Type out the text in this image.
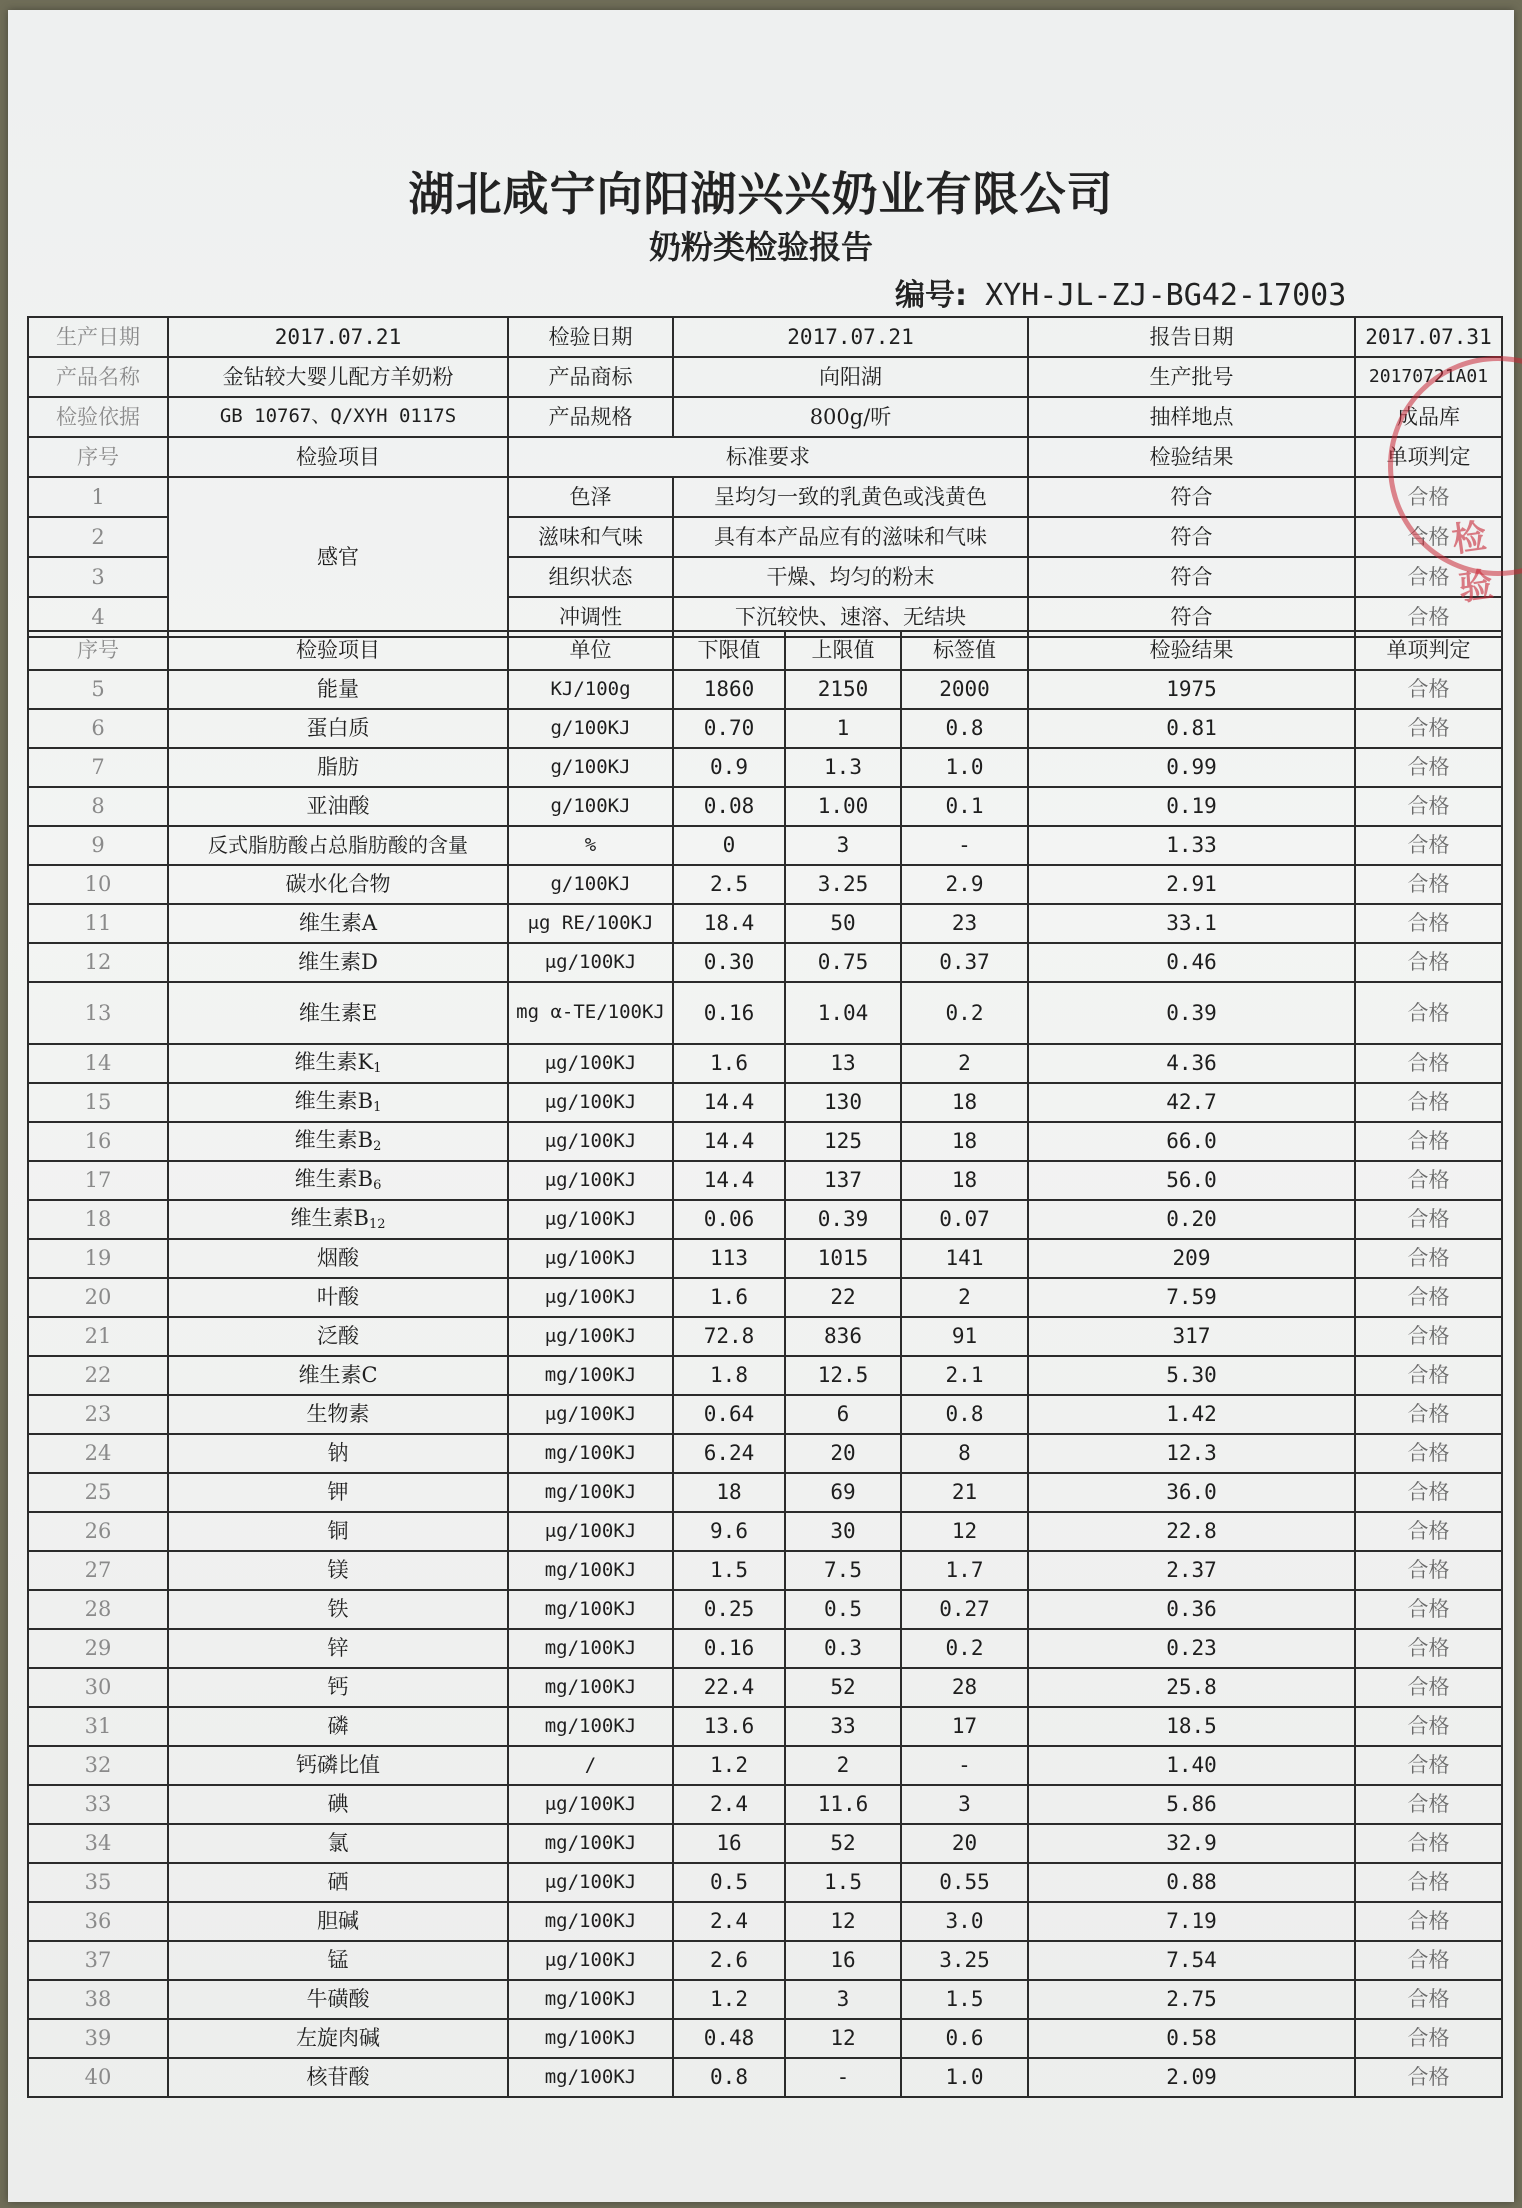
湖北咸宁向阳湖兴兴奶业有限公司
奶粉类检验报告
编号: XYH-JL-ZJ-BG42-17003
生产日期	2017.07.21	检验日期	2017.07.21	报告日期	2017.07.31
产品名称	金钻较大婴儿配方羊奶粉	产品商标	向阳湖	生产批号	20170721A01
检验依据	GB 10767、Q/XYH 0117S	产品规格	800g/听	抽样地点	成品库
序号	检验项目	标准要求		检验结果	单项判定
1	感官	色泽	呈均匀一致的乳黄色或浅黄色	符合	合格
2		滋味和气味	具有本产品应有的滋味和气味	符合	合格
3		组织状态	干燥、均匀的粉末	符合	合格
4		冲调性	下沉较快、速溶、无结块	符合	合格
序号	检验项目	单位	下限值	上限值	标签值	检验结果	单项判定
5	能量	KJ/100g	1860	2150	2000	1975	合格
6	蛋白质	g/100KJ	0.70	1	0.8	0.81	合格
7	脂肪	g/100KJ	0.9	1.3	1.0	0.99	合格
8	亚油酸	g/100KJ	0.08	1.00	0.1	0.19	合格
9	反式脂肪酸占总脂肪酸的含量	%	0	3	-	1.33	合格
10	碳水化合物	g/100KJ	2.5	3.25	2.9	2.91	合格
11	维生素A	μg RE/100KJ	18.4	50	23	33.1	合格
12	维生素D	μg/100KJ	0.30	0.75	0.37	0.46	合格
13	维生素E	mg α-TE/100KJ	0.16	1.04	0.2	0.39	合格
14	维生素$K_1$	μg/100KJ	1.6	13	2	4.36	合格
15	维生素$B_1$	μg/100KJ	14.4	130	18	42.7	合格
16	维生素$B_2$	μg/100KJ	14.4	125	18	66.0	合格
17	维生素$B_6$	μg/100KJ	14.4	137	18	56.0	合格
18	维生素$B_{12}$	μg/100KJ	0.06	0.39	0.07	0.20	合格
19	烟酸	μg/100KJ	113	1015	141	209	合格
20	叶酸	μg/100KJ	1.6	22	2	7.59	合格
21	泛酸	μg/100KJ	72.8	836	91	317	合格
22	维生素C	mg/100KJ	1.8	12.5	2.1	5.30	合格
23	生物素	μg/100KJ	0.64	6	0.8	1.42	合格
24	钠	mg/100KJ	6.24	20	8	12.3	合格
25	钾	mg/100KJ	18	69	21	36.0	合格
26	铜	μg/100KJ	9.6	30	12	22.8	合格
27	镁	mg/100KJ	1.5	7.5	1.7	2.37	合格
28	铁	mg/100KJ	0.25	0.5	0.27	0.36	合格
29	锌	mg/100KJ	0.16	0.3	0.2	0.23	合格
30	钙	mg/100KJ	22.4	52	28	25.8	合格
31	磷	mg/100KJ	13.6	33	17	18.5	合格
32	钙磷比值	/	1.2	2	-	1.40	合格
33	碘	μg/100KJ	2.4	11.6	3	5.86	合格
34	氯	mg/100KJ	16	52	20	32.9	合格
35	硒	μg/100KJ	0.5	1.5	0.55	0.88	合格
36	胆碱	mg/100KJ	2.4	12	3.0	7.19	合格
37	锰	μg/100KJ	2.6	16	3.25	7.54	合格
38	牛磺酸	mg/100KJ	1.2	3	1.5	2.75	合格
39	左旋肉碱	mg/100KJ	0.48	12	0.6	0.58	合格
40	核苷酸	mg/100KJ	0.8	-	1.0	2.09	合格
检验
